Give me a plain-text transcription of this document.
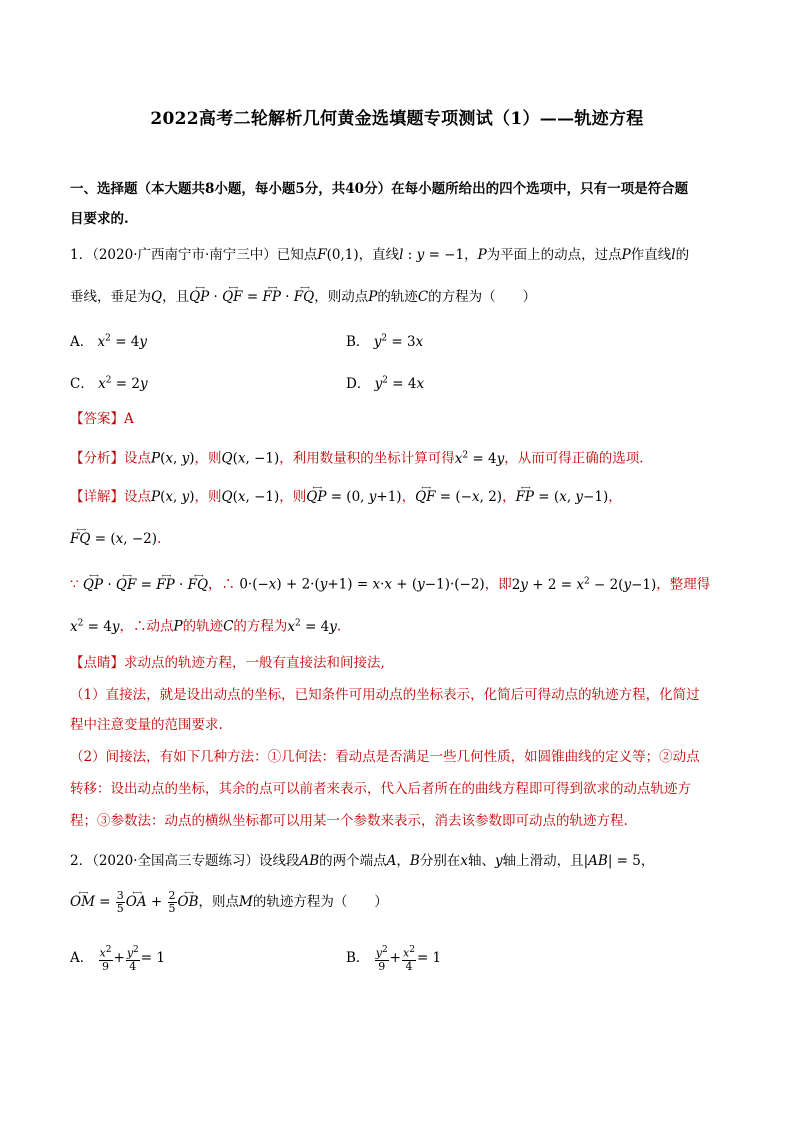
2022高考二轮解析几何黄金选填题专项测试（1）——轨迹方程
一、选择题（本大题共8小题，每小题5分，共40分）在每小题所给出的四个选项中，只有一项是符合题
目要求的.
1．（2020·广西南宁市·南宁三中）已知点F(0,1)，直线l : y = −1，P为平面上的动点，过点P作直线l的
垂线，垂足为Q，且←→ QP · ←→ QF = ←→ FP · ←→ FQ，则动点P的轨迹C的方程为（　　）
A． $x^2 = 4y$	B． $y^2 = 3x$
C． $x^2 = 2y$	D． $y^2 = 4x$
【答案】A
【分析】设点P(x, y)，则Q(x, −1)，利用数量积的坐标计算可得$x^2 = 4y$，从而可得正确的选项.
【详解】设点P(x, y)，则Q(x, −1)，则←→ QP = (0, y+1)，←→ QF = (−x, 2)，←→ FP = (x, y−1)，
←→ FQ = (x, −2).
∵ ←→ QP · ←→ QF = ←→ FP · ←→ FQ，∴ 0·(−x) + 2·(y+1) = x·x + (y−1)·(−2)，即$2y + 2 = x^2 - 2(y-1)$，整理得
$x^2 = 4y$，∴动点P的轨迹C的方程为$x^2 = 4y$.
【点睛】求动点的轨迹方程，一般有直接法和间接法,
（1）直接法，就是设出动点的坐标，已知条件可用动点的坐标表示，化简后可得动点的轨迹方程，化简过
程中注意变量的范围要求.
（2）间接法，有如下几种方法：①几何法：看动点是否满足一些几何性质，如圆锥曲线的定义等；②动点
转移：设出动点的坐标，其余的点可以前者来表示，代入后者所在的曲线方程即可得到欲求的动点轨迹方
程；③参数法：动点的横纵坐标都可以用某一个参数来表示，消去该参数即可动点的轨迹方程.
2．（2020·全国高三专题练习）设线段AB的两个端点A，B分别在x轴、y轴上滑动，且|AB| = 5，
←→ OM = $\frac{3}{5}$ ←→ OA + $\frac{2}{5}$ ←→ OB，则点M的轨迹方程为（　　）
A． $\frac{x^2}{9} + \frac{y^2}{4} = 1$	B． $\frac{y^2}{9} + \frac{x^2}{4} = 1$
